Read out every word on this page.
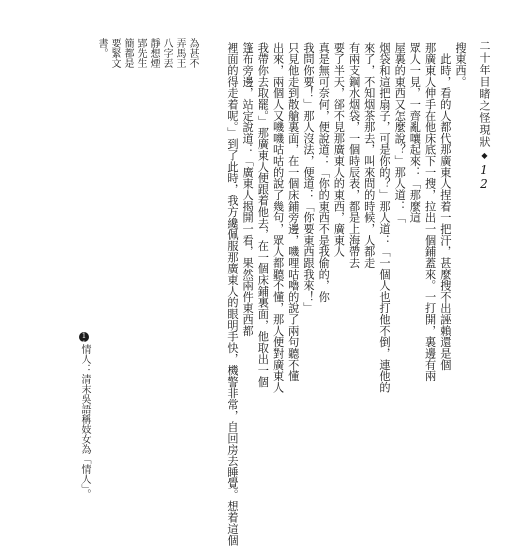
二十年目睹之怪現狀◆12
搜東西。
　此時，看的人都代那廣東人捏着一把汗，甚麼搜不出誣賴還是個
那廣東人伸手在他床底下一搜，拉出一個鋪蓋來。一打開，裏邊有兩
眾人一見，一齊亂嚷起來：「那麼這
屋裏的東西又怎麼說？」那人道：「
烟袋和這把扇子，可是你的？」那人道：「一個人也打他不倒，連他的
來了，不知烟茶那去，叫來問的時候，人都走
有兩支鋼水烟袋，一個時辰表，都是上海帶去
要了半天，郤不見那廣東人的東西，廣東人
真是無可奈何，便說道：「你的東西不是我偷的，你
我問你要！」那人沒法，便道：「你要東西跟我來！」
只見他走到散艙裏面，在一個床鋪旁邊，嘰哩咕嚕的說了兩句聽不懂
出來，兩個人又嘰嘰咕咕的說了幾句，眾人都聽不懂，那人便對廣東人
我帶你去取罷。」那廣東人便跟着他去，在一個床鋪裏面，他取出一個
篷布旁邊，站定說道：「廣東人揭開一看，果然兩件東西都
裡面的得走着呢。」到了此時，我方纔佩服那廣東人的眼明手快，機警非常，自回房去睡覺。想着這個
為甚不
弄馬王
八字丟
靜想煙
郢先生
簡都是
要緊文
書。
11情人：清末吳語稱妓女為「情人」。
